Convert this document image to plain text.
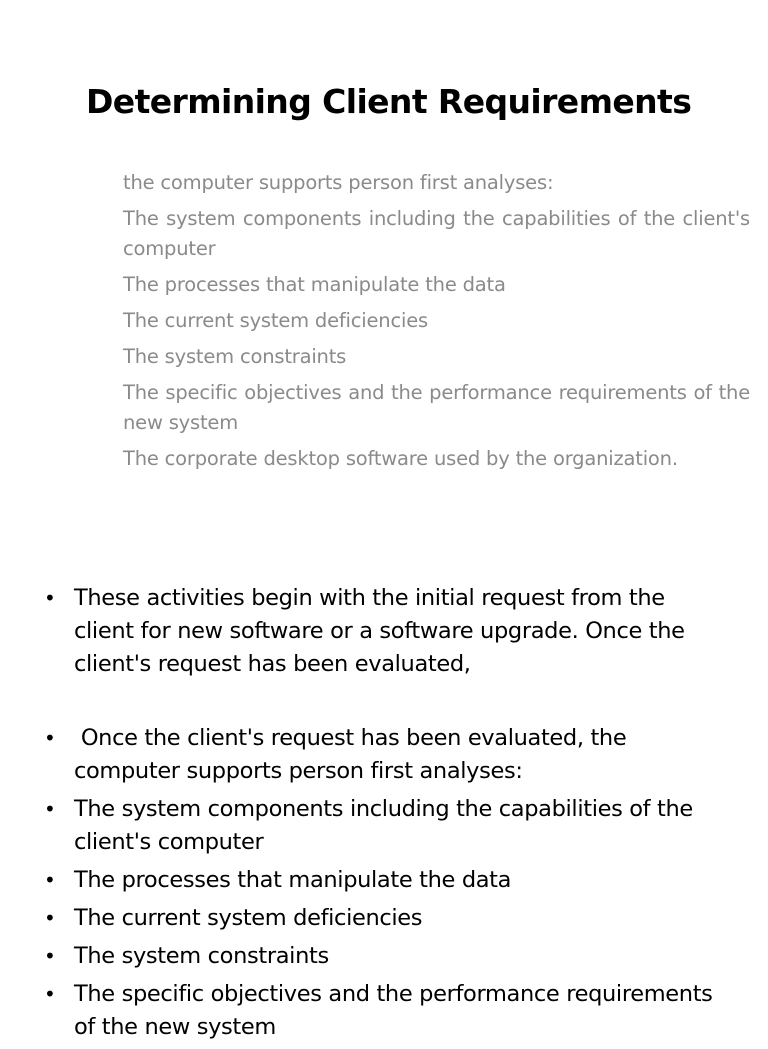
Determining Client Requirements

the computer supports person first analyses:

The system components including the capabilities of the client's computer

The processes that manipulate the data

The current system deficiencies

The system constraints

The specific objectives and the performance requirements of the new system

The corporate desktop software used by the organization.

• These activities begin with the initial request from the client for new software or a software upgrade. Once the client's request has been evaluated,
• Once the client's request has been evaluated, the computer supports person first analyses:
• The system components including the capabilities of the client's computer
• The processes that manipulate the data
• The current system deficiencies
• The system constraints
• The specific objectives and the performance requirements of the new system
